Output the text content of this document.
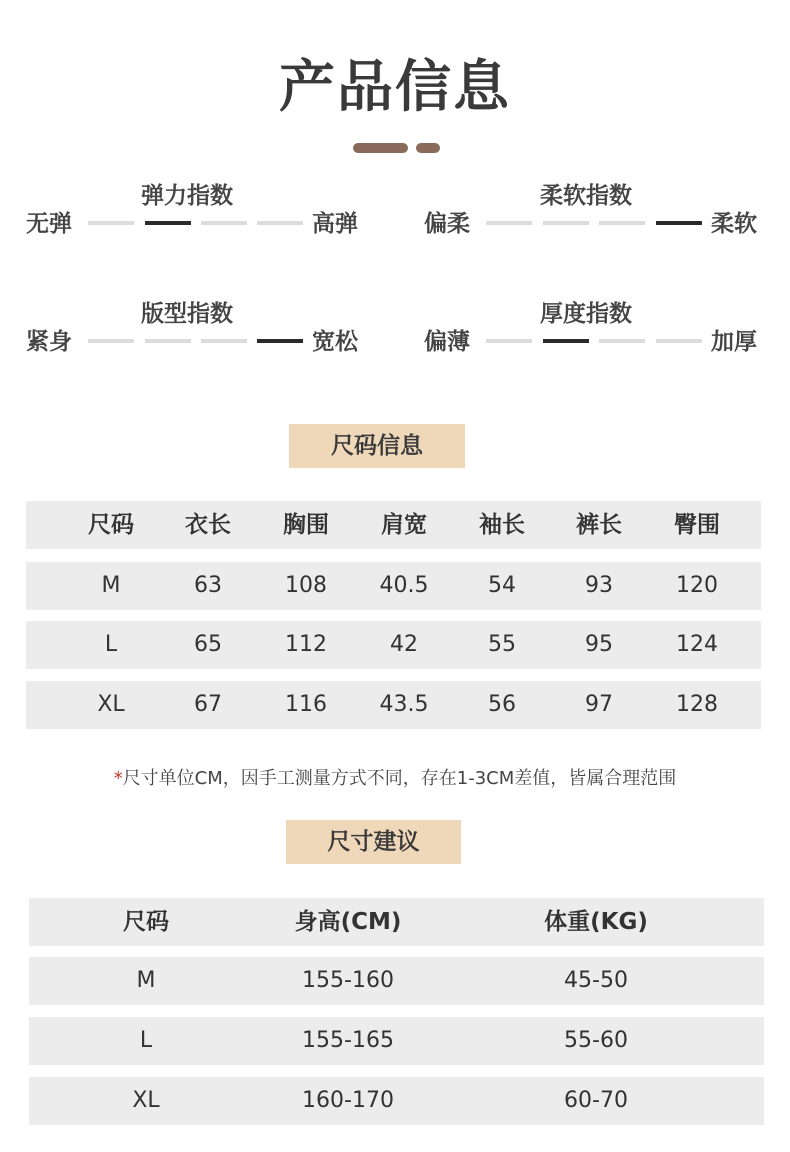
产品信息
弹力指数
无弹	高弹
柔软指数
偏柔	柔软
版型指数
紧身	宽松
厚度指数
偏薄	加厚
尺码信息
尺码	衣长	胸围	肩宽	袖长	裤长	臀围
M	63	108	40.5	54	93	120
L	65	112	42	55	95	124
XL	67	116	43.5	56	97	128
*尺寸单位CM，因手工测量方式不同，存在1-3CM差值，皆属合理范围
尺寸建议
尺码	身高(CM)	体重(KG)
M	155-160	45-50
L	155-165	55-60
XL	160-170	60-70
